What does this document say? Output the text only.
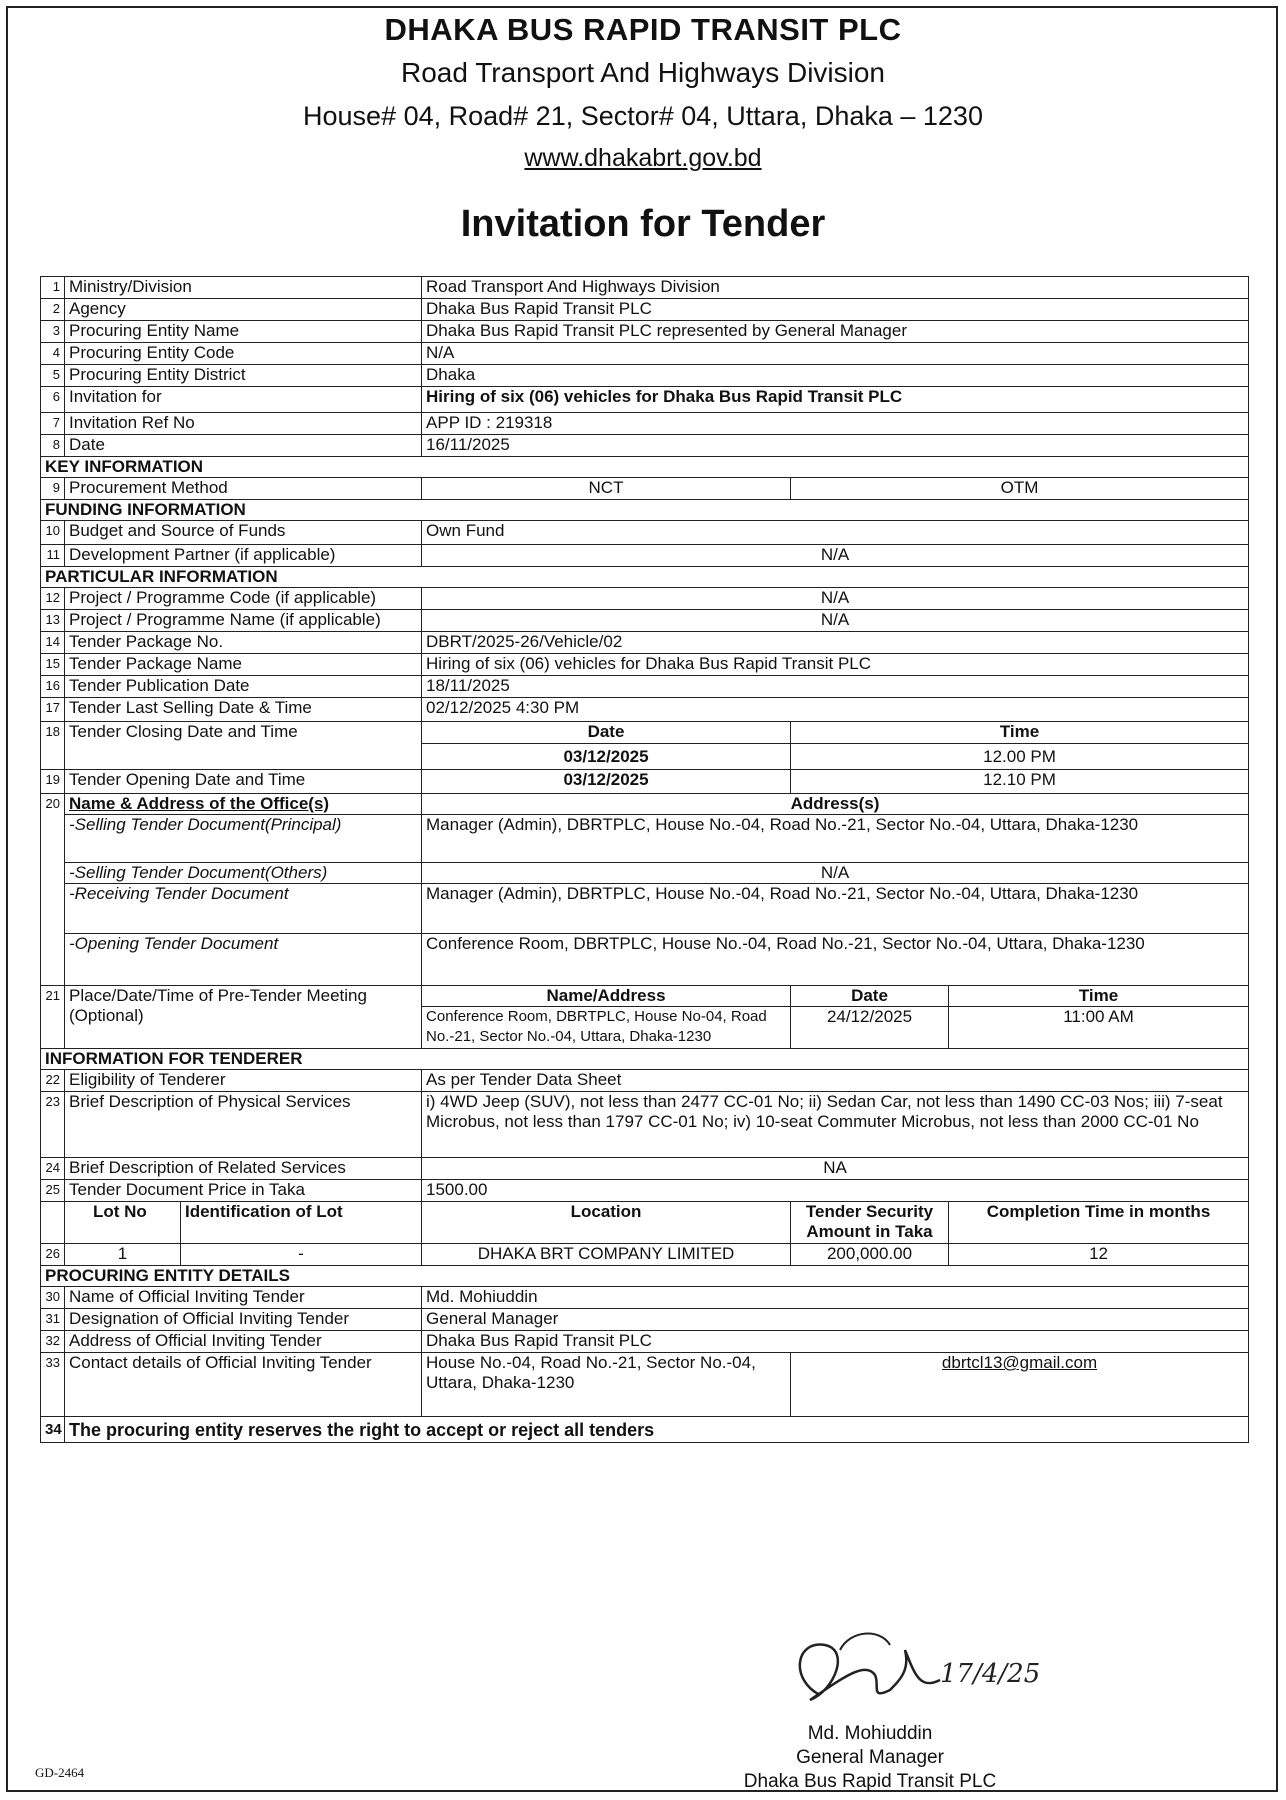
DHAKA BUS RAPID TRANSIT PLC
Road Transport And Highways Division
House# 04, Road# 21, Sector# 04, Uttara, Dhaka – 1230
www.dhakabrt.gov.bd
Invitation for Tender
1	Ministry/Division		Road Transport And Highways Division		
2	Agency		Dhaka Bus Rapid Transit PLC		
3	Procuring Entity Name		Dhaka Bus Rapid Transit PLC represented by General Manager		
4	Procuring Entity Code		N/A		
5	Procuring Entity District		Dhaka		
6	Invitation for		Hiring of six (06) vehicles for Dhaka Bus Rapid Transit PLC		
7	Invitation Ref No		APP ID : 219318		
8	Date		16/11/2025		
KEY INFORMATION					
9	Procurement Method		NCT	OTM	
FUNDING INFORMATION					
10	Budget and Source of Funds		Own Fund		
11	Development Partner (if applicable)		N/A		
PARTICULAR INFORMATION					
12	Project / Programme Code (if applicable)		N/A		
13	Project / Programme Name (if applicable)		N/A		
14	Tender Package No.		DBRT/2025-26/Vehicle/02		
15	Tender Package Name		Hiring of six (06) vehicles for Dhaka Bus Rapid Transit PLC		
16	Tender Publication Date		18/11/2025		
17	Tender Last Selling Date & Time		02/12/2025 4:30 PM		
18	Tender Closing Date and Time		Date	Time	
			03/12/2025	12.00 PM	
19	Tender Opening Date and Time		03/12/2025	12.10 PM	
20	Name & Address of the Office(s)		Address(s)		
	-Selling Tender Document(Principal)		Manager (Admin), DBRTPLC, House No.-04, Road No.-21, Sector No.-04, Uttara, Dhaka-1230		
	-Selling Tender Document(Others)		N/A		
	-Receiving Tender Document		Manager (Admin), DBRTPLC, House No.-04, Road No.-21, Sector No.-04, Uttara, Dhaka-1230		
	-Opening Tender Document		Conference Room, DBRTPLC, House No.-04, Road No.-21, Sector No.-04, Uttara, Dhaka-1230		
21	Place/Date/Time of Pre-Tender Meeting (Optional)		Name/Address	Date	Time
			Conference Room, DBRTPLC, House No-04, Road No.-21, Sector No.-04, Uttara, Dhaka-1230	24/12/2025	11:00 AM
INFORMATION FOR TENDERER					
22	Eligibility of Tenderer		As per Tender Data Sheet		
23	Brief Description of Physical Services		i) 4WD Jeep (SUV), not less than 2477 CC-01 No; ii) Sedan Car, not less than 1490 CC-03 Nos; iii) 7-seat Microbus, not less than 1797 CC-01 No; iv) 10-seat Commuter Microbus, not less than 2000 CC-01 No		
24	Brief Description of Related Services		NA		
25	Tender Document Price in Taka		1500.00		
	Lot No	Identification of Lot	Location	Tender Security Amount in Taka	Completion Time in months
26	1	-	DHAKA BRT COMPANY LIMITED	200,000.00	12
PROCURING ENTITY DETAILS					
30	Name of Official Inviting Tender		Md. Mohiuddin		
31	Designation of Official Inviting Tender		General Manager		
32	Address of Official Inviting Tender		Dhaka Bus Rapid Transit PLC		
33	Contact details of Official Inviting Tender		House No.-04, Road No.-21, Sector No.-04, Uttara, Dhaka-1230	dbrtcl13@gmail.com	
34	The procuring entity reserves the right to accept or reject all tenders				
17/4/25
Md. Mohiuddin
General Manager
Dhaka Bus Rapid Transit PLC
GD-2464
